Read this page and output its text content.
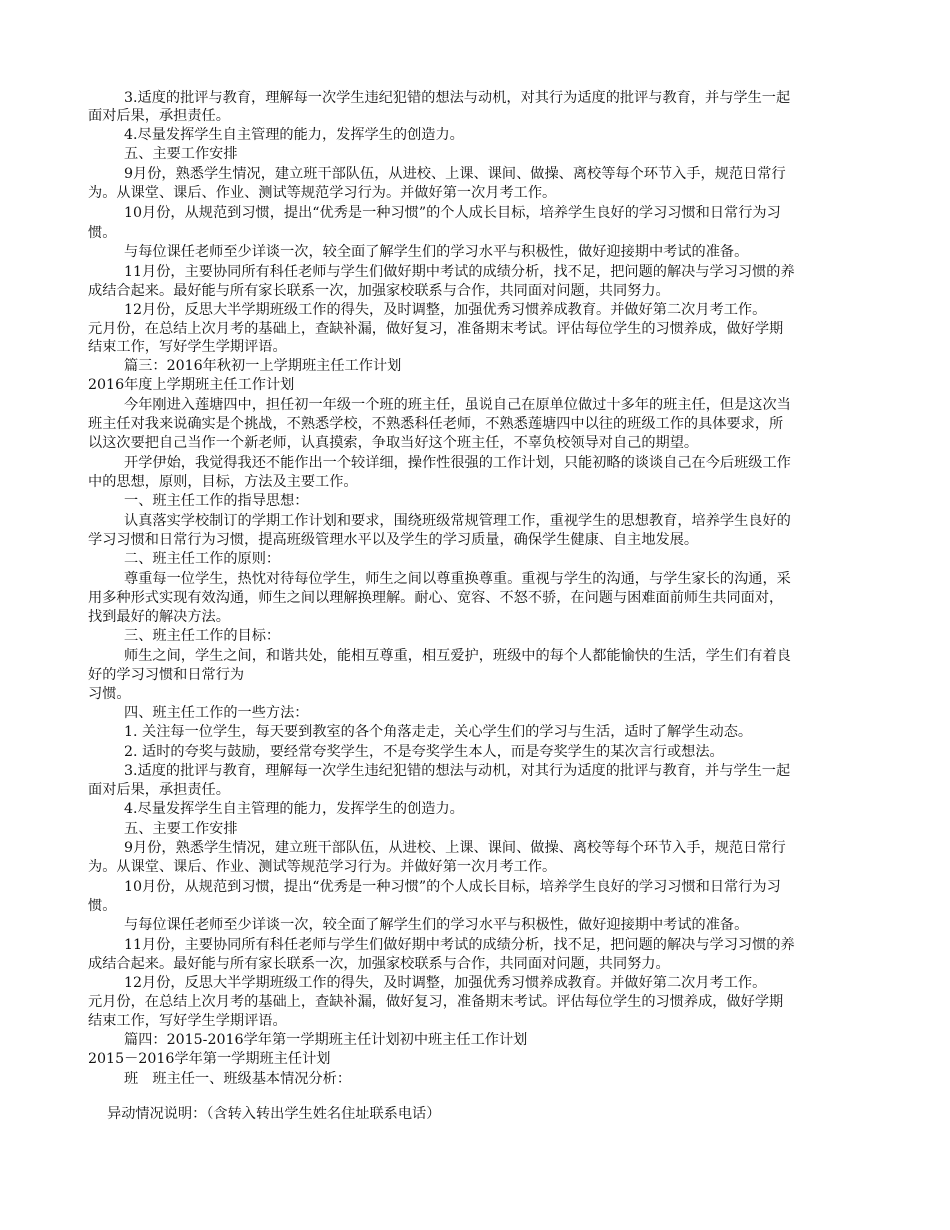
3.适度的批评与教育，理解每一次学生违纪犯错的想法与动机，对其行为适度的批评与教育，并与学生一起
面对后果，承担责任。
4.尽量发挥学生自主管理的能力，发挥学生的创造力。
五、主要工作安排
9月份，熟悉学生情况，建立班干部队伍，从进校、上课、课间、做操、离校等每个环节入手，规范日常行
为。从课堂、课后、作业、测试等规范学习行为。并做好第一次月考工作。
10月份，从规范到习惯，提出“优秀是一种习惯”的个人成长目标，培养学生良好的学习习惯和日常行为习
惯。
与每位课任老师至少详谈一次，较全面了解学生们的学习水平与积极性，做好迎接期中考试的准备。
11月份，主要协同所有科任老师与学生们做好期中考试的成绩分析，找不足，把问题的解决与学习习惯的养
成结合起来。最好能与所有家长联系一次，加强家校联系与合作，共同面对问题，共同努力。
12月份，反思大半学期班级工作的得失，及时调整，加强优秀习惯养成教育。并做好第二次月考工作。
元月份，在总结上次月考的基础上，查缺补漏，做好复习，准备期末考试。评估每位学生的习惯养成，做好学期
结束工作，写好学生学期评语。
篇三：2016年秋初一上学期班主任工作计划
2016年度上学期班主任工作计划
今年刚进入莲塘四中，担任初一年级一个班的班主任，虽说自己在原单位做过十多年的班主任，但是这次当
班主任对我来说确实是个挑战，不熟悉学校，不熟悉科任老师，不熟悉莲塘四中以往的班级工作的具体要求，所
以这次要把自己当作一个新老师，认真摸索，争取当好这个班主任，不辜负校领导对自己的期望。
开学伊始，我觉得我还不能作出一个较详细，操作性很强的工作计划，只能初略的谈谈自己在今后班级工作
中的思想，原则，目标，方法及主要工作。
一、班主任工作的指导思想：
认真落实学校制订的学期工作计划和要求，围绕班级常规管理工作，重视学生的思想教育，培养学生良好的
学习习惯和日常行为习惯，提高班级管理水平以及学生的学习质量，确保学生健康、自主地发展。
二、班主任工作的原则：
尊重每一位学生，热忱对待每位学生，师生之间以尊重换尊重。重视与学生的沟通，与学生家长的沟通，采
用多种形式实现有效沟通，师生之间以理解换理解。耐心、宽容、不怒不骄，在问题与困难面前师生共同面对，
找到最好的解决方法。
三、班主任工作的目标：
师生之间，学生之间，和谐共处，能相互尊重，相互爱护，班级中的每个人都能愉快的生活，学生们有着良
好的学习习惯和日常行为
习惯。
四、班主任工作的一些方法：
1. 关注每一位学生，每天要到教室的各个角落走走，关心学生们的学习与生活，适时了解学生动态。
2. 适时的夸奖与鼓励，要经常夸奖学生，不是夸奖学生本人，而是夸奖学生的某次言行或想法。
3.适度的批评与教育，理解每一次学生违纪犯错的想法与动机，对其行为适度的批评与教育，并与学生一起
面对后果，承担责任。
4.尽量发挥学生自主管理的能力，发挥学生的创造力。
五、主要工作安排
9月份，熟悉学生情况，建立班干部队伍，从进校、上课、课间、做操、离校等每个环节入手，规范日常行
为。从课堂、课后、作业、测试等规范学习行为。并做好第一次月考工作。
10月份，从规范到习惯，提出“优秀是一种习惯”的个人成长目标，培养学生良好的学习习惯和日常行为习
惯。
与每位课任老师至少详谈一次，较全面了解学生们的学习水平与积极性，做好迎接期中考试的准备。
11月份，主要协同所有科任老师与学生们做好期中考试的成绩分析，找不足，把问题的解决与学习习惯的养
成结合起来。最好能与所有家长联系一次，加强家校联系与合作，共同面对问题，共同努力。
12月份，反思大半学期班级工作的得失，及时调整，加强优秀习惯养成教育。并做好第二次月考工作。
元月份，在总结上次月考的基础上，查缺补漏，做好复习，准备期末考试。评估每位学生的习惯养成，做好学期
结束工作，写好学生学期评语。
篇四：2015-2016学年第一学期班主任计划初中班主任工作计划
2015－2016学年第一学期班主任计划
班　班主任一、班级基本情况分析：
异动情况说明：（含转入转出学生姓名住址联系电话）
